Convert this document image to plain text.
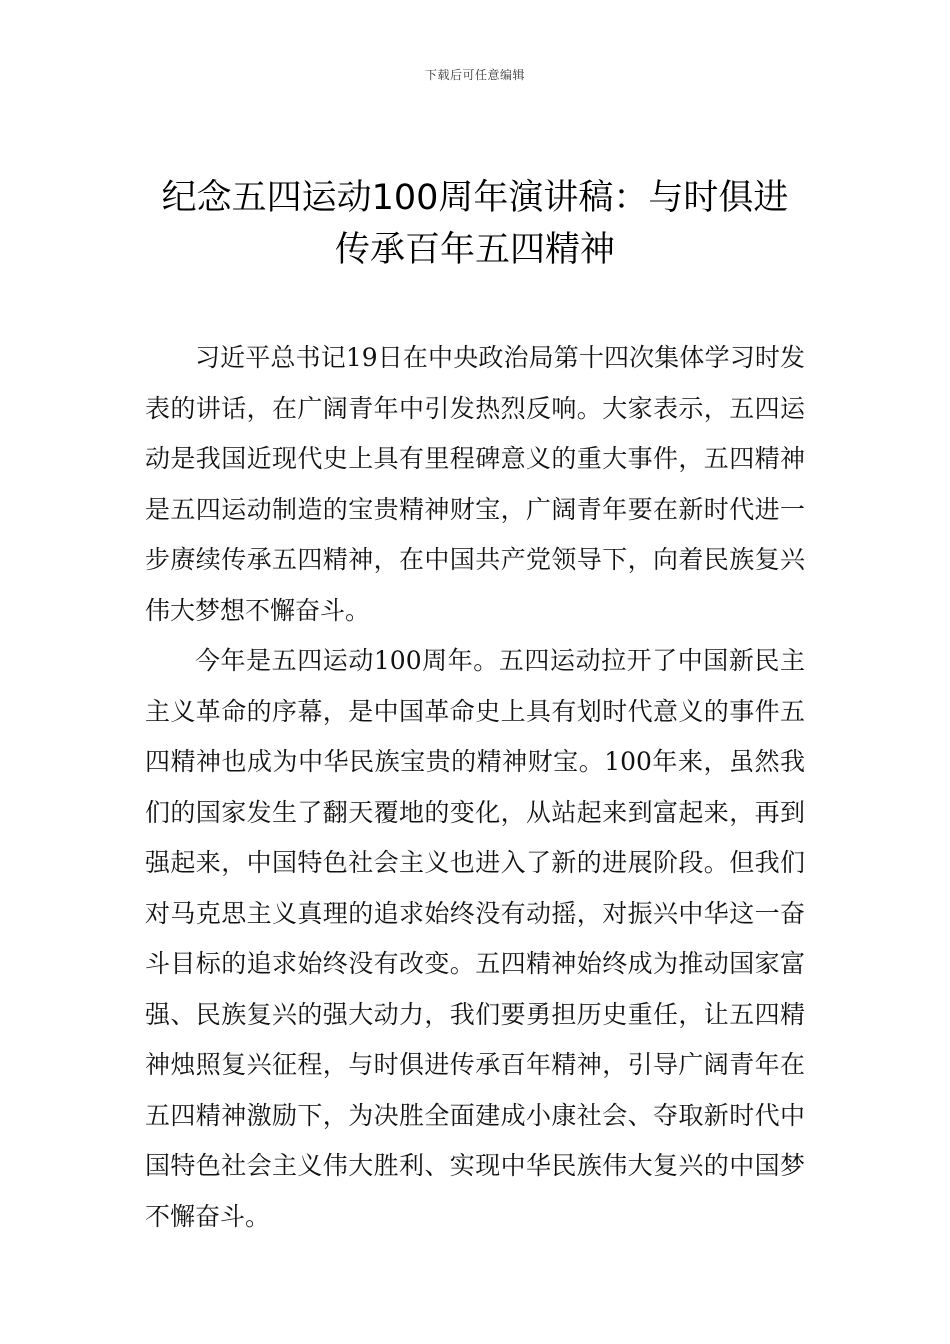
下载后可任意编辑
纪念五四运动100周年演讲稿：与时俱进
传承百年五四精神

习近平总书记19日在中央政治局第十四次集体学习时发表的讲话，在广阔青年中引发热烈反响。大家表示，五四运动是我国近现代史上具有里程碑意义的重大事件，五四精神是五四运动制造的宝贵精神财宝，广阔青年要在新时代进一步赓续传承五四精神，在中国共产党领导下，向着民族复兴伟大梦想不懈奋斗。

今年是五四运动100周年。五四运动拉开了中国新民主主义革命的序幕，是中国革命史上具有划时代意义的事件五四精神也成为中华民族宝贵的精神财宝。100年来，虽然我们的国家发生了翻天覆地的变化，从站起来到富起来，再到强起来，中国特色社会主义也进入了新的进展阶段。但我们对马克思主义真理的追求始终没有动摇，对振兴中华这一奋斗目标的追求始终没有改变。五四精神始终成为推动国家富强、民族复兴的强大动力，我们要勇担历史重任，让五四精神烛照复兴征程，与时俱进传承百年精神，引导广阔青年在五四精神激励下，为决胜全面建成小康社会、夺取新时代中国特色社会主义伟大胜利、实现中华民族伟大复兴的中国梦不懈奋斗。
